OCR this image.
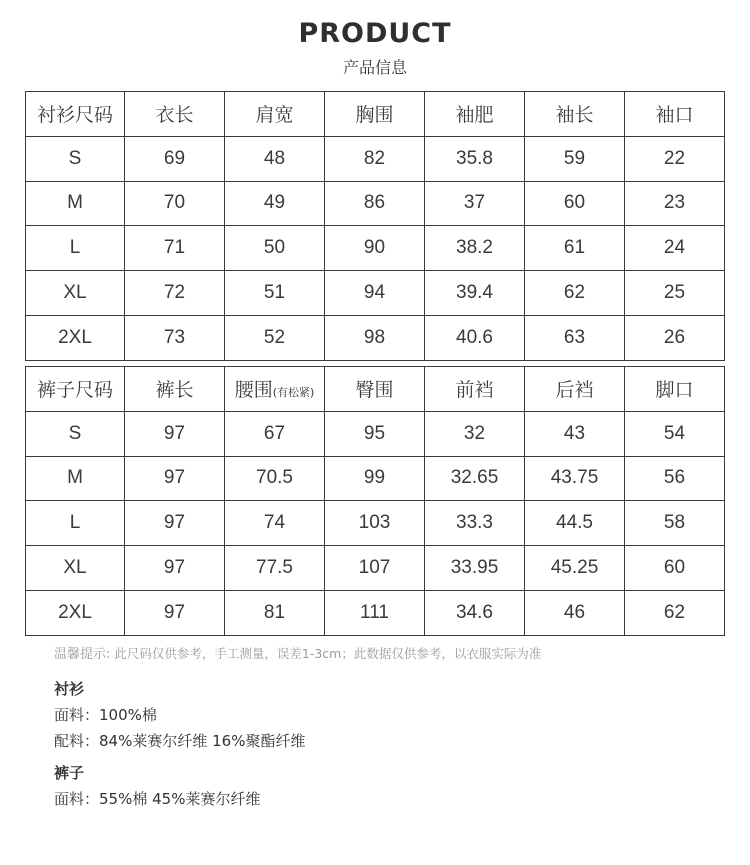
PRODUCT
产品信息
衬衫尺码	衣长	肩宽	胸围	袖肥	袖长	袖口
S	69	48	82	35.8	59	22
M	70	49	86	37	60	23
L	71	50	90	38.2	61	24
XL	72	51	94	39.4	62	25
2XL	73	52	98	40.6	63	26
裤子尺码	裤长	腰围(有松紧)	臀围	前裆	后裆	脚口
S	97	67	95	32	43	54
M	97	70.5	99	32.65	43.75	56
L	97	74	103	33.3	44.5	58
XL	97	77.5	107	33.95	45.25	60
2XL	97	81	111	34.6	46	62
温馨提示: 此尺码仅供参考，手工测量，误差1-3cm；此数据仅供参考，以衣服实际为准
衬衫
面料：100%棉
配料：84%莱赛尔纤维 16%聚酯纤维
裤子
面料：55%棉 45%莱赛尔纤维
